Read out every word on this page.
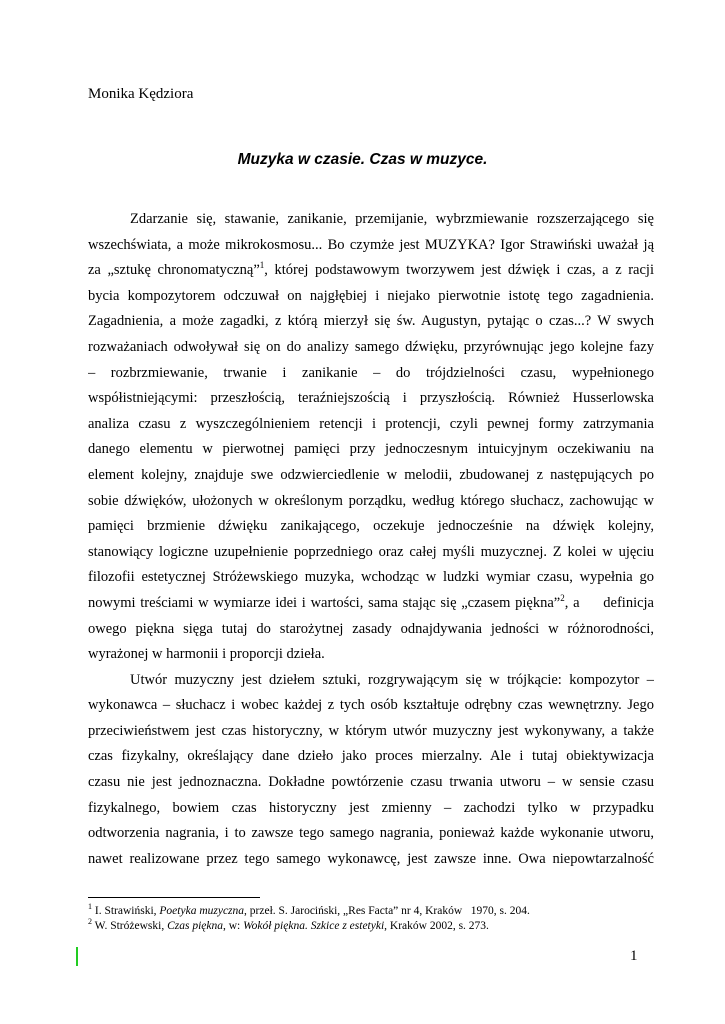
Monika Kędziora
Muzyka w czasie. Czas w muzyce.
Zdarzanie się, stawanie, zanikanie, przemijanie, wybrzmiewanie rozszerzającego się
wszechświata, a może mikrokosmosu... Bo czymże jest MUZYKA? Igor Strawiński uważał ją
za „sztukę chronomatyczną”$^1$, której podstawowym tworzywem jest dźwięk i czas, a z racji
bycia kompozytorem odczuwał on najgłębiej i niejako pierwotnie istotę tego zagadnienia.
Zagadnienia, a może zagadki, z którą mierzył się św. Augustyn, pytając o czas...? W swych
rozważaniach odwoływał się on do analizy samego dźwięku, przyrównując jego kolejne fazy
– rozbrzmiewanie, trwanie i zanikanie – do trójdzielności czasu, wypełnionego
współistniejącymi: przeszłością, teraźniejszością i przyszłością. Również Husserlowska
analiza czasu z wyszczególnieniem retencji i protencji, czyli pewnej formy zatrzymania
danego elementu w pierwotnej pamięci przy jednoczesnym intuicyjnym oczekiwaniu na
element kolejny, znajduje swe odzwierciedlenie w melodii, zbudowanej z następujących po
sobie dźwięków, ułożonych w określonym porządku, według którego słuchacz, zachowując w
pamięci brzmienie dźwięku zanikającego, oczekuje jednocześnie na dźwięk kolejny,
stanowiący logiczne uzupełnienie poprzedniego oraz całej myśli muzycznej. Z kolei w ujęciu
filozofii estetycznej Stróżewskiego muzyka, wchodząc w ludzki wymiar czasu, wypełnia go
nowymi treściami w wymiarze idei i wartości, sama stając się „czasem piękna”$^2$, a     definicja
owego piękna sięga tutaj do starożytnej zasady odnajdywania jedności w różnorodności,
wyrażonej w harmonii i proporcji dzieła.
Utwór muzyczny jest dziełem sztuki, rozgrywającym się w trójkącie: kompozytor –
wykonawca – słuchacz i wobec każdej z tych osób kształtuje odrębny czas wewnętrzny. Jego
przeciwieństwem jest czas historyczny, w którym utwór muzyczny jest wykonywany, a także
czas fizykalny, określający dane dzieło jako proces mierzalny. Ale i tutaj obiektywizacja
czasu nie jest jednoznaczna. Dokładne powtórzenie czasu trwania utworu – w sensie czasu
fizykalnego, bowiem czas historyczny jest zmienny – zachodzi tylko w przypadku
odtworzenia nagrania, i to zawsze tego samego nagrania, ponieważ każde wykonanie utworu,
nawet realizowane przez tego samego wykonawcę, jest zawsze inne. Owa niepowtarzalność
$^1$ I. Strawiński, Poetyka muzyczna, przeł. S. Jarociński, „Res Facta” nr 4, Kraków   1970, s. 204.
$^2$ W. Stróżewski, Czas piękna, w: Wokół piękna. Szkice z estetyki, Kraków 2002, s. 273.
1
